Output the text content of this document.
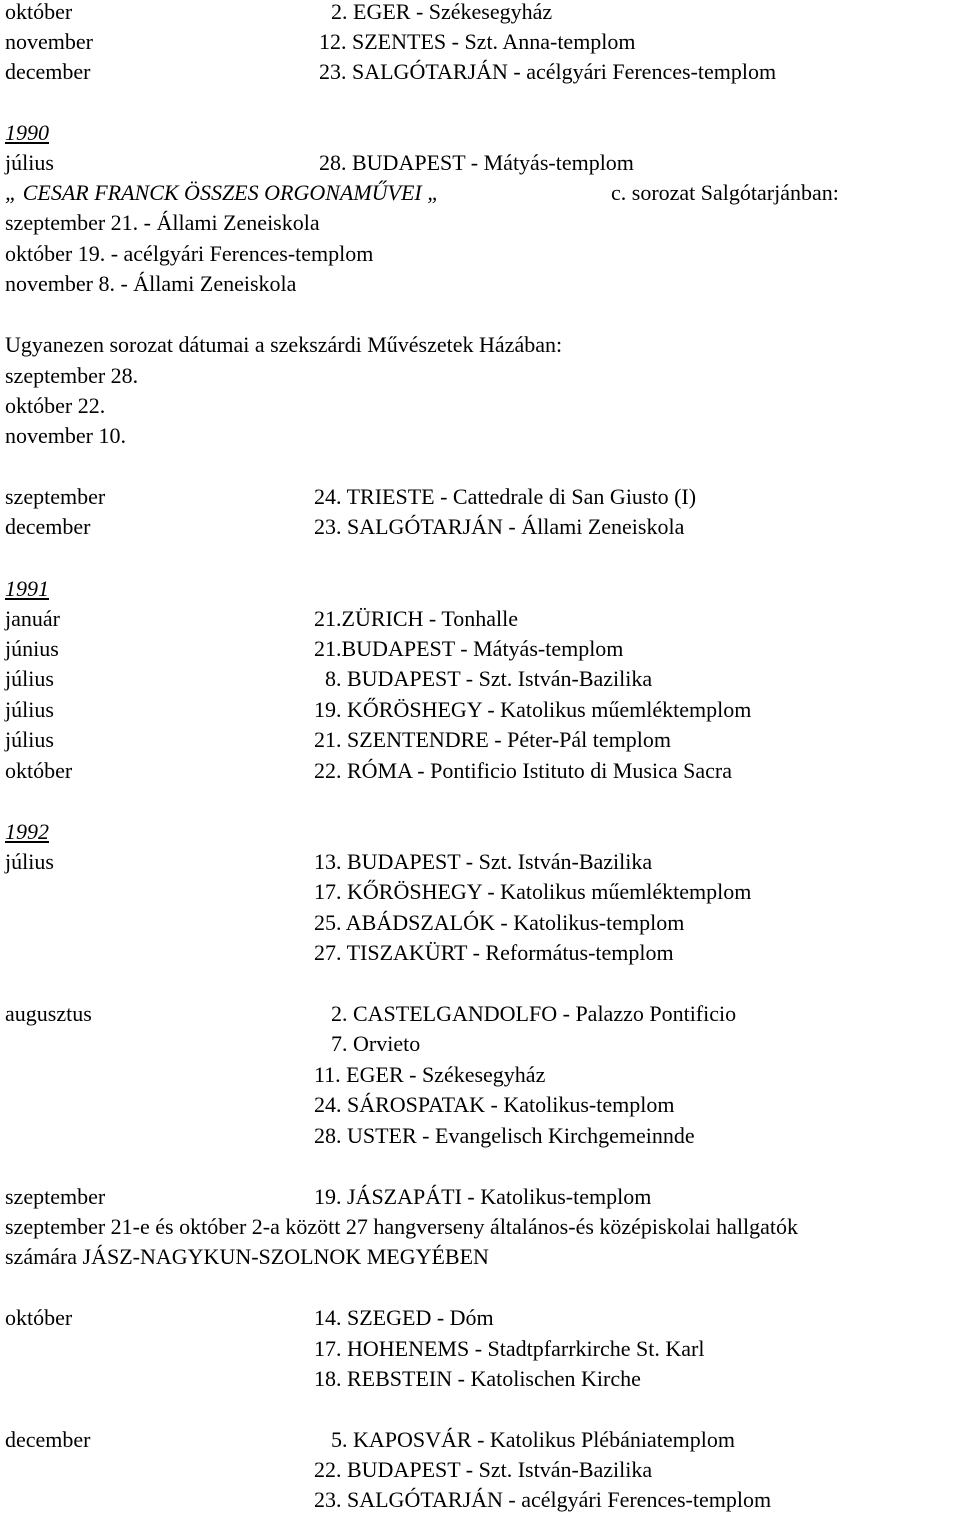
október	2. EGER - Székesegyház
november	12. SZENTES - Szt. Anna-templom
december	23. SALGÓTARJÁN - acélgyári Ferences-templom
1990
július	28. BUDAPEST - Mátyás-templom
„ CESAR FRANCK ÖSSZES ORGONAMŰVEI „	c. sorozat Salgótarjánban:
szeptember 21. - Állami Zeneiskola
október 19. - acélgyári Ferences-templom
november 8. - Állami Zeneiskola
Ugyanezen sorozat dátumai a szekszárdi Művészetek Házában:
szeptember 28.
október 22.
november 10.
szeptember	24. TRIESTE - Cattedrale di San Giusto (I)
december	23. SALGÓTARJÁN - Állami Zeneiskola
1991
január	21.ZÜRICH - Tonhalle
június	21.BUDAPEST - Mátyás-templom
július	8. BUDAPEST - Szt. István-Bazilika
július	19. KŐRÖSHEGY - Katolikus műemléktemplom
július	21. SZENTENDRE - Péter-Pál templom
október	22. RÓMA - Pontificio Istituto di Musica Sacra
1992
július	13. BUDAPEST - Szt. István-Bazilika
17. KŐRÖSHEGY - Katolikus műemléktemplom
25. ABÁDSZALÓK - Katolikus-templom
27. TISZAKÜRT - Református-templom
augusztus	2. CASTELGANDOLFO - Palazzo Pontificio
7. Orvieto
11. EGER - Székesegyház
24. SÁROSPATAK - Katolikus-templom
28. USTER - Evangelisch Kirchgemeinnde
szeptember	19. JÁSZAPÁTI - Katolikus-templom
szeptember 21-e és október 2-a között 27 hangverseny általános-és középiskolai hallgatók
számára JÁSZ-NAGYKUN-SZOLNOK MEGYÉBEN
október	14. SZEGED - Dóm
17. HOHENEMS - Stadtpfarrkirche St. Karl
18. REBSTEIN - Katolischen Kirche
december	5. KAPOSVÁR - Katolikus Plébániatemplom
22. BUDAPEST - Szt. István-Bazilika
23. SALGÓTARJÁN - acélgyári Ferences-templom
